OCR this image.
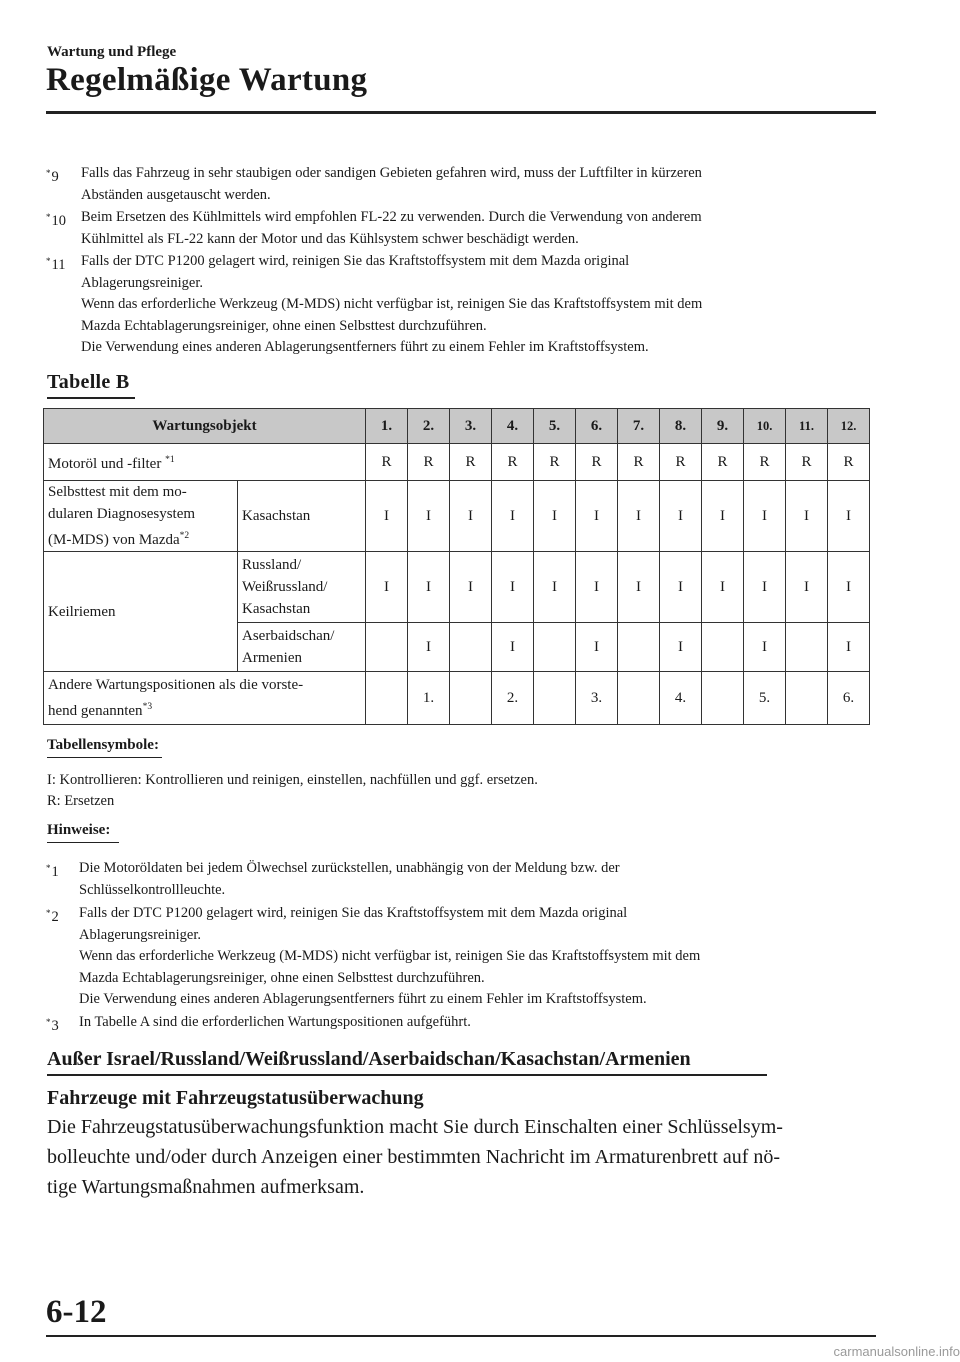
Wartung und Pflege
Regelmäßige Wartung
*9 Falls das Fahrzeug in sehr staubigen oder sandigen Gebieten gefahren wird, muss der Luftfilter in kürzeren
Abständen ausgetauscht werden.
*10 Beim Ersetzen des Kühlmittels wird empfohlen FL-22 zu verwenden. Durch die Verwendung von anderem
Kühlmittel als FL-22 kann der Motor und das Kühlsystem schwer beschädigt werden.
*11 Falls der DTC P1200 gelagert wird, reinigen Sie das Kraftstoffsystem mit dem Mazda original
Ablagerungsreiniger.
Wenn das erforderliche Werkzeug (M-MDS) nicht verfügbar ist, reinigen Sie das Kraftstoffsystem mit dem
Mazda Echtablagerungsreiniger, ohne einen Selbsttest durchzuführen.
Die Verwendung eines anderen Ablagerungsentferners führt zu einem Fehler im Kraftstoffsystem.
Tabelle B
Wartungsobjekt		1.	2.	3.	4.	5.	6.	7.	8.	9.	10.	11.	12.
Motoröl und -filter $^{*1}$		R	R	R	R	R	R	R	R	R	R	R	R

Selbsttest mit dem mo-
dularen Diagnosesystem
(M-MDS) von Mazda$^{*2}$	Kasachstan	I	I	I	I	I	I	I	I	I	I	I	I
Keilriemen	Russland/
Weißrussland/
Kasachstan	I	I	I	I	I	I	I	I	I	I	I	I

	Aserbaidschan/
Armenien		I		I		I		I		I		I

Andere Wartungspositionen als die vorste-
hend genannten$^{*3}$			1.		2.		3.		4.		5.		6.
Tabellensymbole:
I: Kontrollieren: Kontrollieren und reinigen, einstellen, nachfüllen und ggf. ersetzen.
R: Ersetzen
Hinweise:
*1 Die Motoröldaten bei jedem Ölwechsel zurückstellen, unabhängig von der Meldung bzw. der
Schlüsselkontrollleuchte.
*2 Falls der DTC P1200 gelagert wird, reinigen Sie das Kraftstoffsystem mit dem Mazda original
Ablagerungsreiniger.
Wenn das erforderliche Werkzeug (M-MDS) nicht verfügbar ist, reinigen Sie das Kraftstoffsystem mit dem
Mazda Echtablagerungsreiniger, ohne einen Selbsttest durchzuführen.
Die Verwendung eines anderen Ablagerungsentferners führt zu einem Fehler im Kraftstoffsystem.
*3 In Tabelle A sind die erforderlichen Wartungspositionen aufgeführt.
Außer Israel/Russland/Weißrussland/Aserbaidschan/Kasachstan/Armenien
Fahrzeuge mit Fahrzeugstatusüberwachung
Die Fahrzeugstatusüberwachungsfunktion macht Sie durch Einschalten einer Schlüsselsym-
bolleuchte und/oder durch Anzeigen einer bestimmten Nachricht im Armaturenbrett auf nö-
tige Wartungsmaßnahmen aufmerksam.
6-12
carmanualsonline.info
